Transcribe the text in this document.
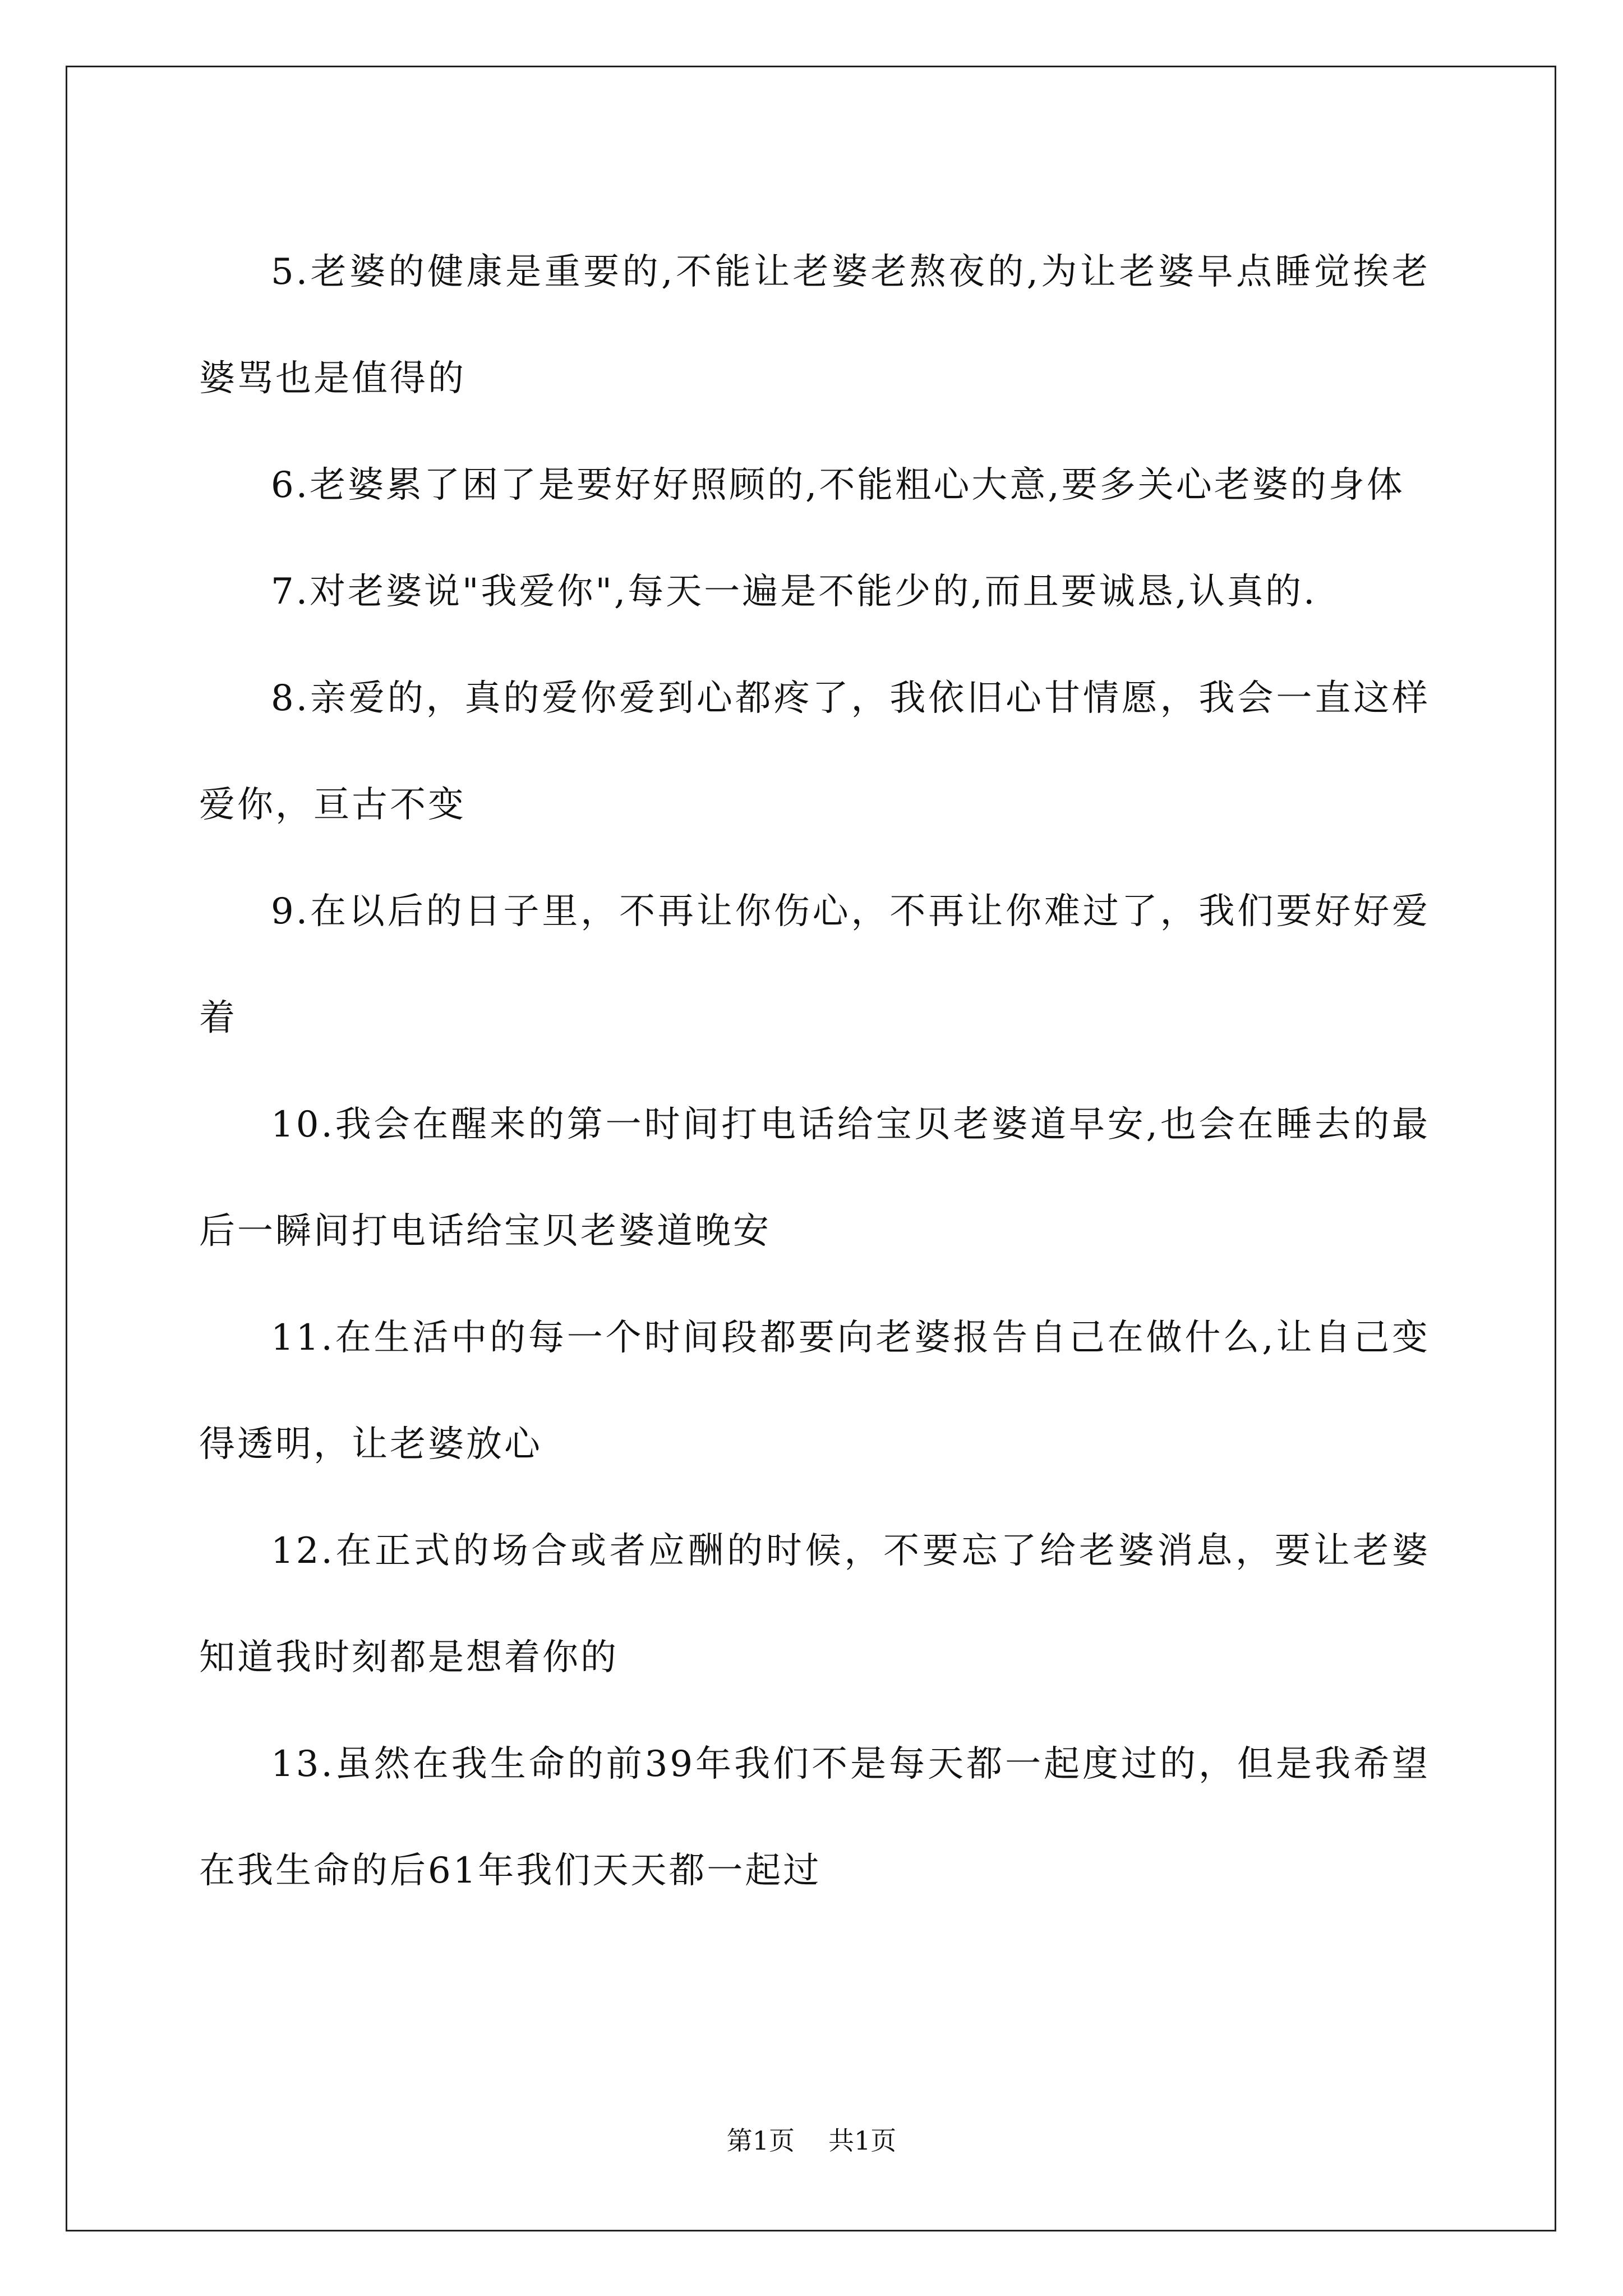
5.老婆的健康是重要的,不能让老婆老熬夜的,为让老婆早点睡觉挨老婆骂也是值得的

6.老婆累了困了是要好好照顾的,不能粗心大意,要多关心老婆的身体

7.对老婆说"我爱你",每天一遍是不能少的,而且要诚恳,认真的.

8.亲爱的，真的爱你爱到心都疼了，我依旧心甘情愿，我会一直这样爱你，亘古不变

9.在以后的日子里，不再让你伤心，不再让你难过了，我们要好好爱着

10.我会在醒来的第一时间打电话给宝贝老婆道早安,也会在睡去的最后一瞬间打电话给宝贝老婆道晚安

11.在生活中的每一个时间段都要向老婆报告自己在做什么,让自己变得透明，让老婆放心

12.在正式的场合或者应酬的时候，不要忘了给老婆消息，要让老婆知道我时刻都是想着你的

13.虽然在我生命的前39年我们不是每天都一起度过的，但是我希望在我生命的后61年我们天天都一起过

第1页 共1页
